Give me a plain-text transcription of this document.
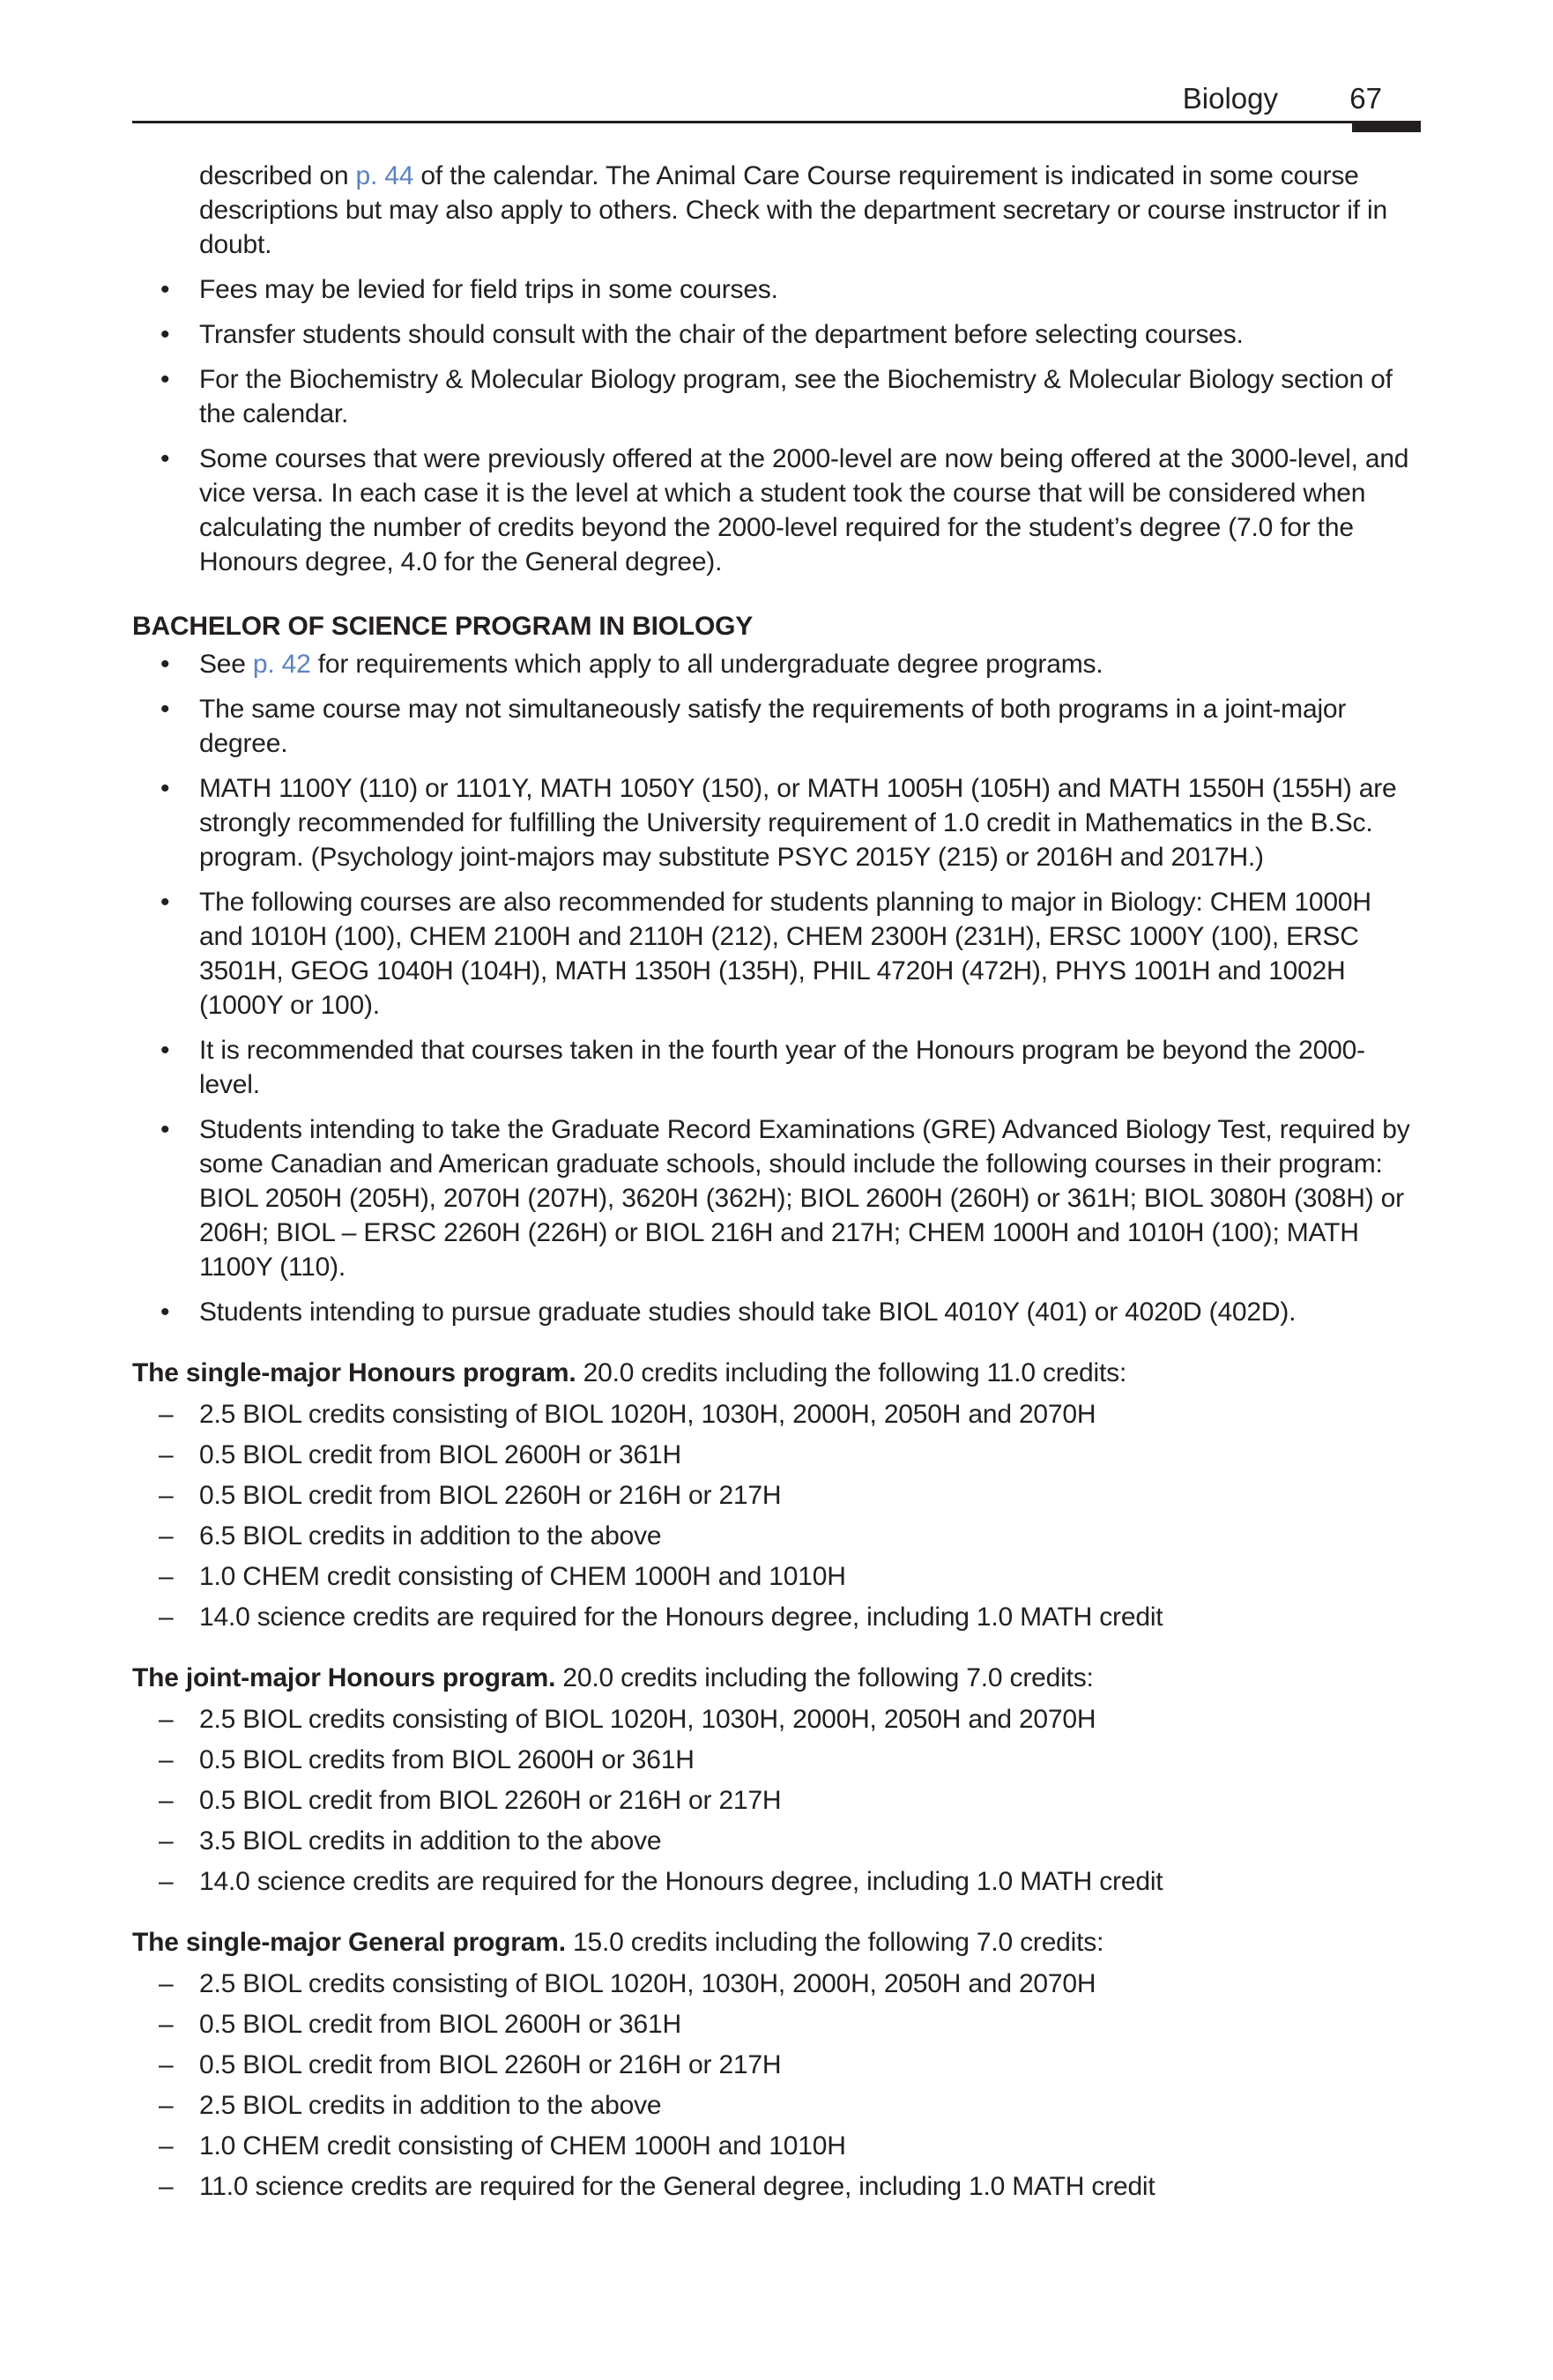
Biology 67

described on p. 44 of the calendar. The Animal Care Course requirement is indicated in some course descriptions but may also apply to others. Check with the department secretary or course instructor if in doubt.

• Fees may be levied for field trips in some courses.
• Transfer students should consult with the chair of the department before selecting courses.
• For the Biochemistry & Molecular Biology program, see the Biochemistry & Molecular Biology section of the calendar.
• Some courses that were previously offered at the 2000-level are now being offered at the 3000-level, and vice versa. In each case it is the level at which a student took the course that will be considered when calculating the number of credits beyond the 2000-level required for the student’s degree (7.0 for the Honours degree, 4.0 for the General degree).
BACHELOR OF SCIENCE PROGRAM IN BIOLOGY
• See p. 42 for requirements which apply to all undergraduate degree programs.
• The same course may not simultaneously satisfy the requirements of both programs in a joint-major degree.
• MATH 1100Y (110) or 1101Y, MATH 1050Y (150), or MATH 1005H (105H) and MATH 1550H (155H) are strongly recommended for fulfilling the University requirement of 1.0 credit in Mathematics in the B.Sc. program. (Psychology joint-majors may substitute PSYC 2015Y (215) or 2016H and 2017H.)
• The following courses are also recommended for students planning to major in Biology: CHEM 1000H and 1010H (100), CHEM 2100H and 2110H (212), CHEM 2300H (231H), ERSC 1000Y (100), ERSC 3501H, GEOG 1040H (104H), MATH 1350H (135H), PHIL 4720H (472H), PHYS 1001H and 1002H (1000Y or 100).
• It is recommended that courses taken in the fourth year of the Honours program be beyond the 2000-level.
• Students intending to take the Graduate Record Examinations (GRE) Advanced Biology Test, required by some Canadian and American graduate schools, should include the following courses in their program: BIOL 2050H (205H), 2070H (207H), 3620H (362H); BIOL 2600H (260H) or 361H; BIOL 3080H (308H) or 206H; BIOL – ERSC 2260H (226H) or BIOL 216H and 217H; CHEM 1000H and 1010H (100); MATH 1100Y (110).
• Students intending to pursue graduate studies should take BIOL 4010Y (401) or 4020D (402D).

The single-major Honours program. 20.0 credits including the following 11.0 credits:

– 2.5 BIOL credits consisting of BIOL 1020H, 1030H, 2000H, 2050H and 2070H
– 0.5 BIOL credit from BIOL 2600H or 361H
– 0.5 BIOL credit from BIOL 2260H or 216H or 217H
– 6.5 BIOL credits in addition to the above
– 1.0 CHEM credit consisting of CHEM 1000H and 1010H
– 14.0 science credits are required for the Honours degree, including 1.0 MATH credit

The joint-major Honours program. 20.0 credits including the following 7.0 credits:

– 2.5 BIOL credits consisting of BIOL 1020H, 1030H, 2000H, 2050H and 2070H
– 0.5 BIOL credits from BIOL 2600H or 361H
– 0.5 BIOL credit from BIOL 2260H or 216H or 217H
– 3.5 BIOL credits in addition to the above
– 14.0 science credits are required for the Honours degree, including 1.0 MATH credit

The single-major General program. 15.0 credits including the following 7.0 credits:

– 2.5 BIOL credits consisting of BIOL 1020H, 1030H, 2000H, 2050H and 2070H
– 0.5 BIOL credit from BIOL 2600H or 361H
– 0.5 BIOL credit from BIOL 2260H or 216H or 217H
– 2.5 BIOL credits in addition to the above
– 1.0 CHEM credit consisting of CHEM 1000H and 1010H
– 11.0 science credits are required for the General degree, including 1.0 MATH credit
